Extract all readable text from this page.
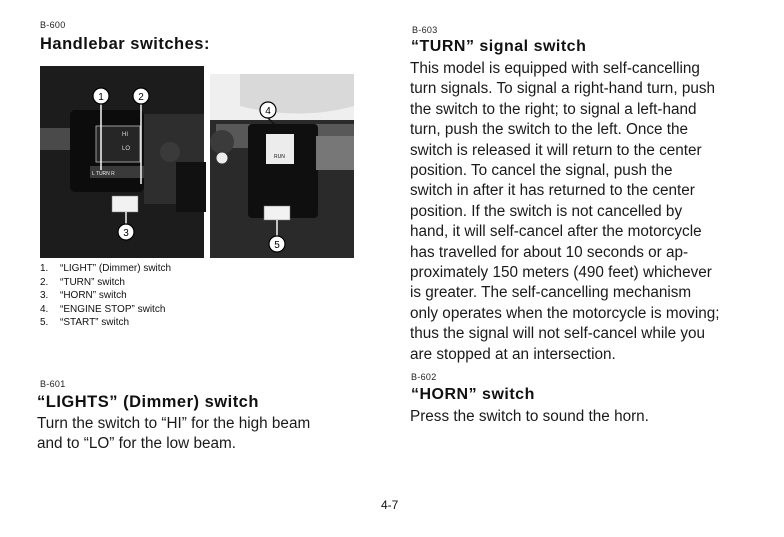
B-600
Handlebar switches:
HI
LO
L TURN R
RUN
1	2
3
4
5
1. “LIGHT” (Dimmer) switch
2. “TURN” switch
3. “HORN” switch
4. “ENGINE STOP” switch
5. “START” switch
B-601
“LIGHTS” (Dimmer) switch
Turn the switch to “HI” for the high beam
and to “LO” for the low beam.
B-603
“TURN” signal switch
This model is equipped with self-cancelling
turn signals. To signal a right-hand turn, push
the switch to the right; to signal a left-hand
turn, push the switch to the left. Once the
switch is released it will return to the center
position. To cancel the signal, push the
switch in after it has returned to the center
position. If the switch is not cancelled by
hand, it will self-cancel after the motorcycle
has travelled for about 10 seconds or ap-
proximately 150 meters (490 feet) whichever
is greater. The self-cancelling mechanism
only operates when the motorcycle is moving;
thus the signal will not self-cancel while you
are stopped at an intersection.
B-602
“HORN” switch
Press the switch to sound the horn.
4-7
